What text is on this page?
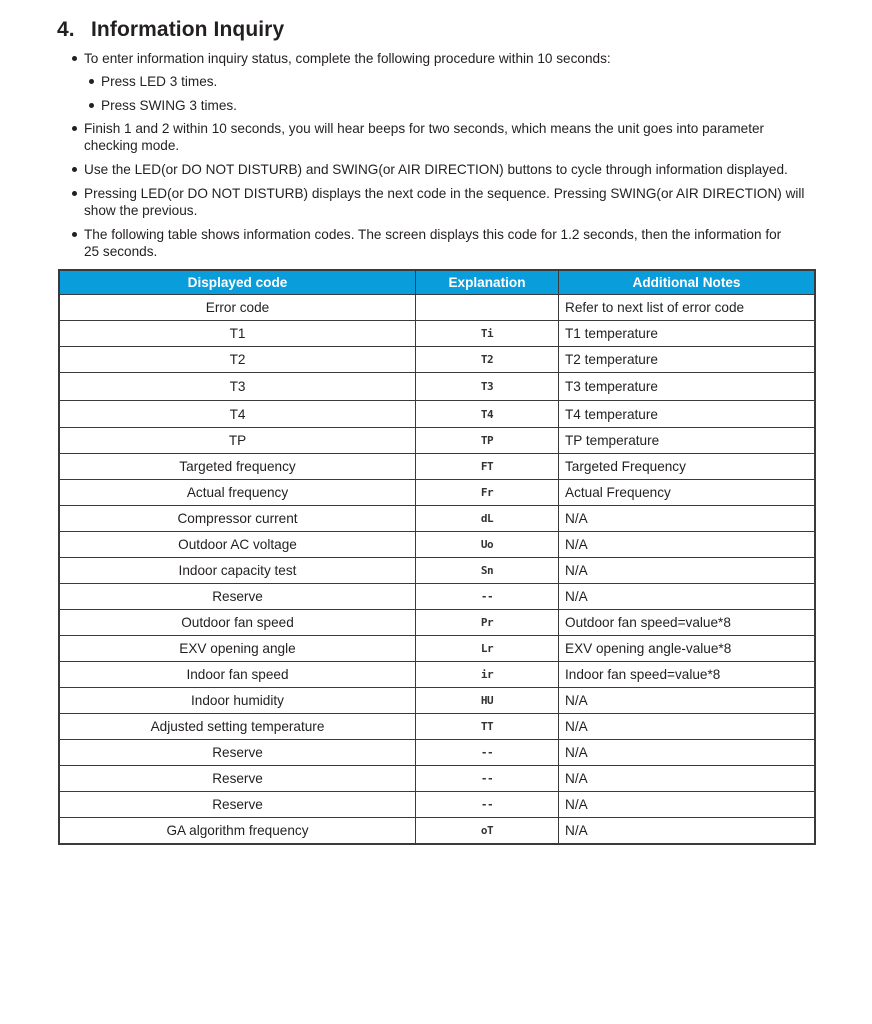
4. Information Inquiry
To enter information inquiry status, complete the following procedure within 10 seconds:
Press LED 3 times.
Press SWING 3 times.
Finish 1 and 2 within 10 seconds, you will hear beeps for two seconds, which means the unit goes into parameter
checking mode.
Use the LED(or DO NOT DISTURB) and SWING(or AIR DIRECTION) buttons to cycle through information displayed.
Pressing LED(or DO NOT DISTURB) displays the next code in the sequence. Pressing SWING(or AIR DIRECTION) will
show the previous.
The following table shows information codes. The screen displays this code for 1.2 seconds, then the information for
25 seconds.
Displayed code	Explanation	Additional Notes
Error code		Refer to next list of error code
T1	Ti	T1 temperature
T2	T2	T2 temperature
T3	T3	T3 temperature
T4	T4	T4 temperature
TP	TP	TP temperature
Targeted frequency	FT	Targeted Frequency
Actual frequency	Fr	Actual Frequency
Compressor current	dL	N/A
Outdoor AC voltage	Uo	N/A
Indoor capacity test	Sn	N/A
Reserve	--	N/A
Outdoor fan speed	Pr	Outdoor fan speed=value*8
EXV opening angle	Lr	EXV opening angle-value*8
Indoor fan speed	ir	Indoor fan speed=value*8
Indoor humidity	HU	N/A
Adjusted setting temperature	TT	N/A
Reserve	--	N/A
Reserve	--	N/A
Reserve	--	N/A
GA algorithm frequency	oT	N/A
